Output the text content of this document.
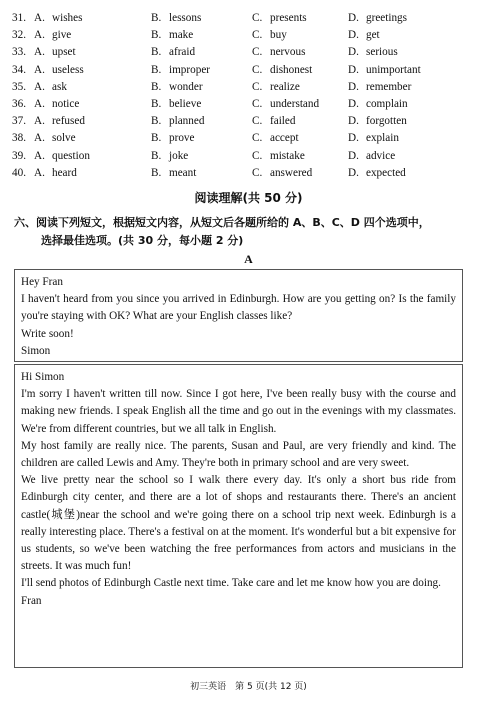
31. A. wishes	B. lessons	C. presents	D. greetings
32. A. give	B. make	C. buy	D. get
33. A. upset	B. afraid	C. nervous	D. serious
34. A. useless	B. improper	C. dishonest	D. unimportant
35. A. ask	B. wonder	C. realize	D. remember
36. A. notice	B. believe	C. understand	D. complain
37. A. refused	B. planned	C. failed	D. forgotten
38. A. solve	B. prove	C. accept	D. explain
39. A. question	B. joke	C. mistake	D. advice
40. A. heard	B. meant	C. answered	D. expected
阅读理解(共 50 分)
六、阅读下列短文，根据短文内容，从短文后各题所给的 A、B、C、D 四个选项中，
选择最佳选项。(共 30 分，每小题 2 分)
A

Hey Fran

I haven't heard from you since you arrived in Edinburgh. How are you getting on? Is the family you're staying with OK? What are your English classes like?

Write soon!

Simon

Hi Simon

I'm sorry I haven't written till now. Since I got here, I've been really busy with the course and making new friends. I speak English all the time and go out in the evenings with my classmates. We're from different countries, but we all talk in English.

My host family are really nice. The parents, Susan and Paul, are very friendly and kind. The children are called Lewis and Amy. They're both in primary school and are very sweet.

We live pretty near the school so I walk there every day. It's only a short bus ride from Edinburgh city center, and there are a lot of shops and restaurants there. There's an ancient castle(城堡)near the school and we're going there on a school trip next week. Edinburgh is a really interesting place. There's a festival on at the moment. It's wonderful but a bit expensive for us students, so we've been watching the free performances from actors and musicians in the streets. It was much fun!

I'll send photos of Edinburgh Castle next time. Take care and let me know how you are doing.

Fran

初三英语　第 5 页(共 12 页)
